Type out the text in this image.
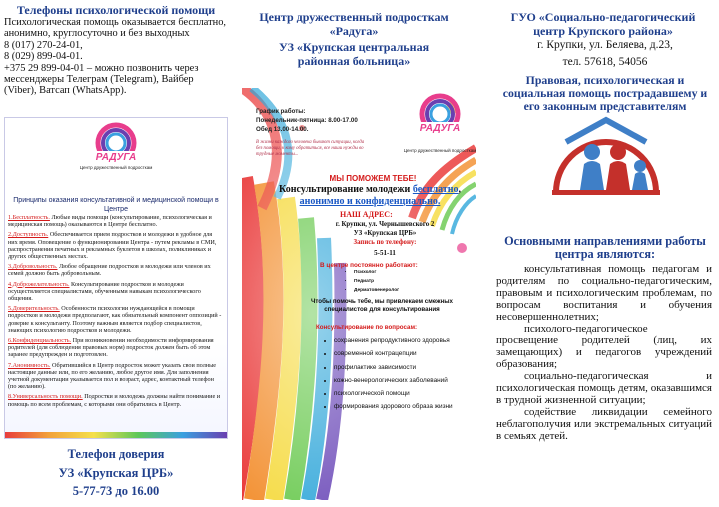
Телефоны психологической помощи
Психологическая помощь оказывается бесплатно, анонимно, круглосуточно и без выходных
8 (017) 270-24-01,
8 (029) 899-04-01.
+375 29 899-04-01 – можно позвонить через мессенджеры Телеграм (Telegram), Вайбер (Viber), Ватсап (WhatsApp).
РАДУГА
Центр дружественный подросткам
Принципы оказания консультативной и медицинской помощи в Центре

1.Бесплатность. Любые виды помощи (консультирование, психологическая и медицинская помощь) оказываются в Центре бесплатно.

2.Доступность. Обеспечивается прием подростков и молодежи в удобное для них время. Оповещение о функционировании Центра - путем рекламы в СМИ, распространения печатных и рекламных буклетов в школах, поликлиниках и других общественных местах.

3.Добровольность. Любое обращение подростков и молодежи или членов их семей должно быть добровольным.

4.Доброжелательность. Консультирование подростков и молодежи осуществляется специалистами, обученными навыкам психологического общения.

5.Доверительность. Особенности психологии нуждающейся в помощи подростков и молодежи предполагают, как обязательный компонент оппозиций - доверие к консультанту. Поэтому важным является подбор специалистов, знающих психологию подростков и молодежи.

6.Конфиденциальность. При возникновении необходимости информирования родителей (для соблюдения правовых норм) подросток должен быть об этом заранее предупрежден и подготовлен.

7.Анонимность. Обратившийся в Центр подросток может указать свои полные настоящие данные или, по его желанию, любое другое имя. Для заполнения учетной документации указывается пол и возраст, адрес, контактный телефон (по желанию).

8.Универсальность помощи. Подростки и молодежь должны найти понимание и помощь по всем проблемам, с которыми они обратились в Центр.

Телефон доверия
УЗ «Крупская ЦРБ»
5-77-73 до 16.00
Центр дружественный подросткам «Радуга»
УЗ «Крупская центральная районная больница»
РАДУГА
Центр дружественный подросткам
График работы:
Понедельник-пятница: 8.00-17.00
Обед 13.00-14.00.
В жизни каждого человека бывают ситуации, когда без помощи, к кому обратиться, все наши нужды во трудные моменты...
МЫ ПОМОЖЕМ ТЕБЕ!
Консультирование молодежи бесплатно, анонимно и конфиденциально.
НАШ АДРЕС:
г. Крупки, ул. Чернышевского 2
УЗ «Крупская ЦРБ»
Запись по телефону:
5-51-11
В центре постоянно работают:
• Психолог
• Педиатр
• Дерматовенеролог
Чтобы помочь тебе, мы привлекаем смежных специалистов для консультирования
Консультирование по вопросам:
• сохранения репродуктивного здоровья
• современной контрацепции
• профилактике зависимости
• кожно-венерологических заболеваний
• психологической помощи
• формирования здорового образа жизни
ГУО «Социально-педагогический центр Крупского района»
г. Крупки, ул. Беляева, д.23,
тел. 57618, 54056
Правовая, психологическая и социальная помощь пострадавшему и его законным представителям
Основными направлениями работы центра являются:

консультативная помощь педагогам и родителям по социально-педагогическим, правовым и психологическим проблемам, по вопросам воспитания и обучения несовершеннолетних;

психолого-педагогическое просвещение родителей (лиц, их замещающих) и педагогов учреждений образования;

социально-педагогическая и психологическая помощь детям, оказавшимся в трудной жизненной ситуации;

содействие ликвидации семейного неблагополучия или экстремальных ситуаций в семьях детей.
